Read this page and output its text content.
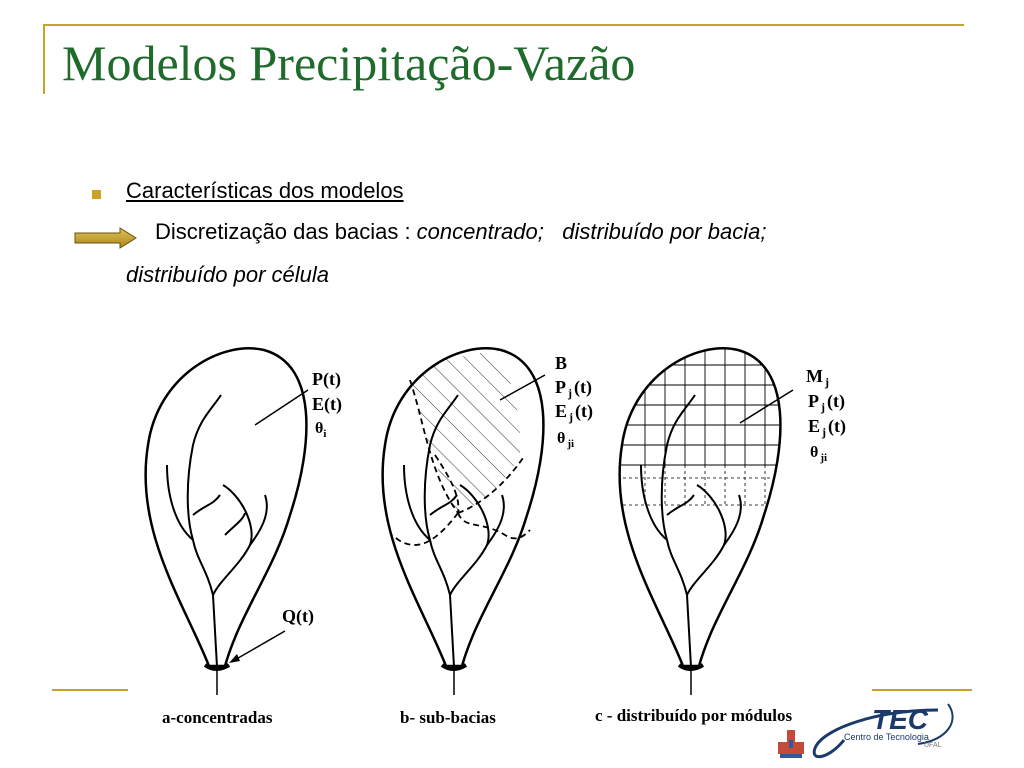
Modelos Precipitação-Vazão
Características dos modelos
Discretização das bacias : concentrado; distribuído por bacia;
distribuído por célula
P(t)
E(t)
$\theta_i$
Q(t)
a-concentradas
B
P $_j$ (t)
E $_j$ (t)
θ $_{ji}$
b- sub-bacias
M $_j$
P $_j$ (t)
E $_j$ (t)
θ $_{ji}$
c - distribuído por módulos	TEC
Centro de Tecnologia
UFAL
